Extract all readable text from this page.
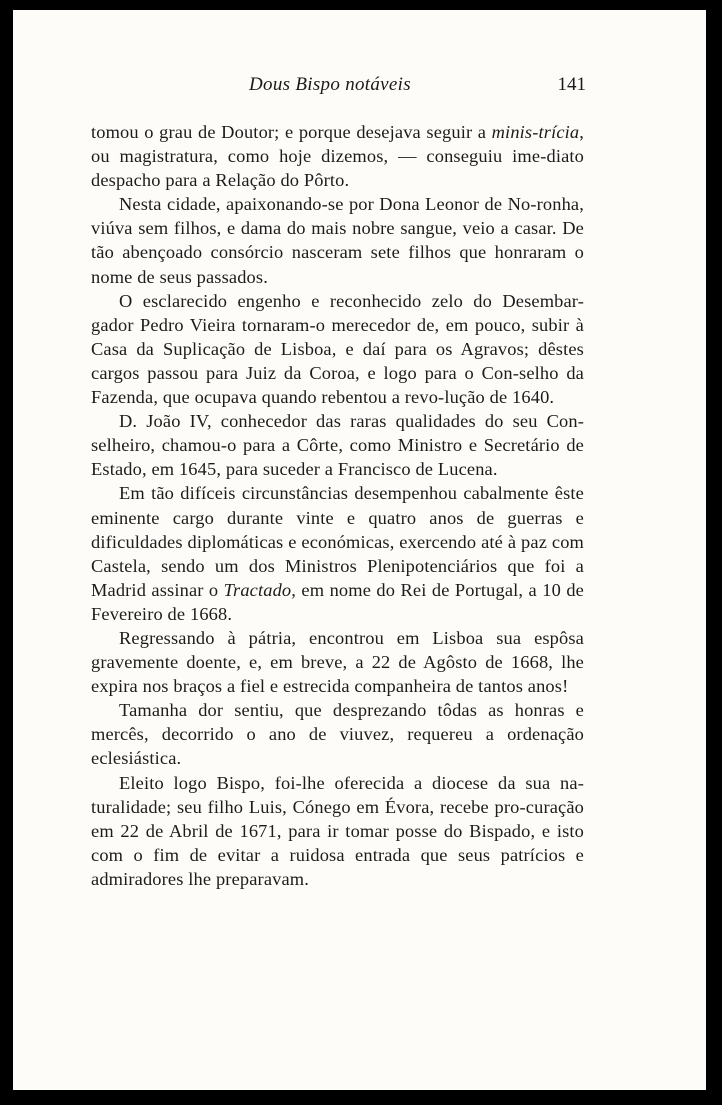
Dous Bispo notáveis	141

tomou o grau de Doutor; e porque desejava seguir a minis-trícia, ou magistratura, como hoje dizemos, — conseguiu ime-diato despacho para a Relação do Pôrto.

Nesta cidade, apaixonando-se por Dona Leonor de No-ronha, viúva sem filhos, e dama do mais nobre sangue, veio a casar. De tão abençoado consórcio nasceram sete filhos que honraram o nome de seus passados.

O esclarecido engenho e reconhecido zelo do Desembar-gador Pedro Vieira tornaram-o merecedor de, em pouco, subir à Casa da Suplicação de Lisboa, e daí para os Agravos; dêstes cargos passou para Juiz da Coroa, e logo para o Con-selho da Fazenda, que ocupava quando rebentou a revo-lução de 1640.

D. João IV, conhecedor das raras qualidades do seu Con-selheiro, chamou-o para a Côrte, como Ministro e Secretário de Estado, em 1645, para suceder a Francisco de Lucena.

Em tão difíceis circunstâncias desempenhou cabalmente êste eminente cargo durante vinte e quatro anos de guerras e dificuldades diplomáticas e económicas, exercendo até à paz com Castela, sendo um dos Ministros Plenipotenciários que foi a Madrid assinar o Tractado, em nome do Rei de Portugal, a 10 de Fevereiro de 1668.

Regressando à pátria, encontrou em Lisboa sua espôsa gravemente doente, e, em breve, a 22 de Agôsto de 1668, lhe expira nos braços a fiel e estrecida companheira de tantos anos!

Tamanha dor sentiu, que desprezando tôdas as honras e mercês, decorrido o ano de viuvez, requereu a ordenação eclesiástica.

Eleito logo Bispo, foi-lhe oferecida a diocese da sua na-turalidade; seu filho Luis, Cónego em Évora, recebe pro-curação em 22 de Abril de 1671, para ir tomar posse do Bispado, e isto com o fim de evitar a ruidosa entrada que seus patrícios e admiradores lhe preparavam.
